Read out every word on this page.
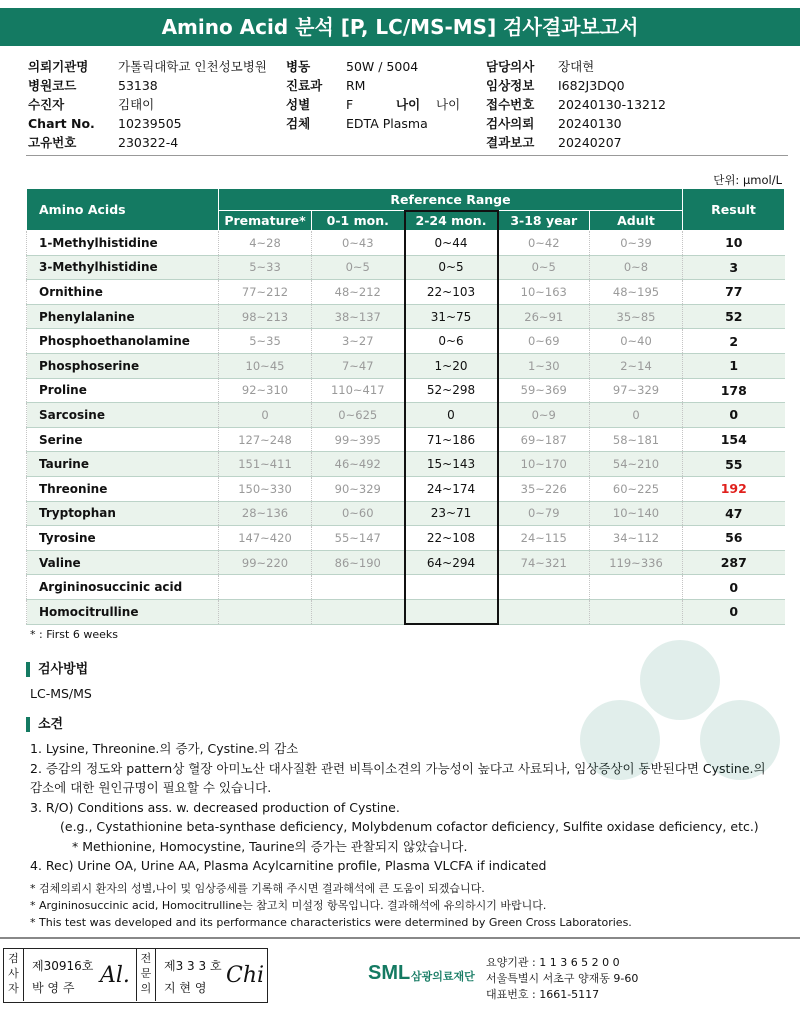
Amino Acid 분석 [P, LC/MS-MS] 검사결과보고서
의뢰기관명 가톨릭대학교 인천성모병원 병동	50W / 5004	담당의사 장대현
병원코드	53138	진료과 RM	임상정보 I682J3DQ0
수진자	김태이	성별	F	나이 나이 접수번호 20240130-13212
Chart No. 10239505	검체	EDTA Plasma	검사의뢰 20240130
고유번호	230322-4	결과보고 20240207
단위: µmol/L
Amino Acids	Reference Range					Result
	Premature*	0-1 mon.	2-24 mon.	3-18 year	Adult	
1-Methylhistidine	4~28	0~43	0~44	0~42	0~39	10
3-Methylhistidine	5~33	0~5	0~5	0~5	0~8	3
Ornithine	77~212	48~212	22~103	10~163	48~195	77
Phenylalanine	98~213	38~137	31~75	26~91	35~85	52
Phosphoethanolamine	5~35	3~27	0~6	0~69	0~40	2
Phosphoserine	10~45	7~47	1~20	1~30	2~14	1
Proline	92~310	110~417	52~298	59~369	97~329	178
Sarcosine	0	0~625	0	0~9	0	0
Serine	127~248	99~395	71~186	69~187	58~181	154
Taurine	151~411	46~492	15~143	10~170	54~210	55
Threonine	150~330	90~329	24~174	35~226	60~225	192
Tryptophan	28~136	0~60	23~71	0~79	10~140	47
Tyrosine	147~420	55~147	22~108	24~115	34~112	56
Valine	99~220	86~190	64~294	74~321	119~336	287
Argininosuccinic acid						0
Homocitrulline						0
* : First 6 weeks
검사방법
LC-MS/MS
소견

1. Lysine, Threonine.의 증가, Cystine.의 감소

2. 증감의 정도와 pattern상 혈장 아미노산 대사질환 관련 비특이소견의 가능성이 높다고 사료되나, 임상증상이 동반된다면 Cystine.의

감소에 대한 원인규명이 필요할 수 있습니다.

3. R/O) Conditions ass. w. decreased production of Cystine.

(e.g., Cystathionine beta-synthase deficiency, Molybdenum cofactor deficiency, Sulfite oxidase deficiency, etc.)

* Methionine, Homocystine, Taurine의 증가는 관찰되지 않았습니다.

4. Rec) Urine OA, Urine AA, Plasma Acylcarnitine profile, Plasma VLCFA if indicated

* 검체의뢰시 환자의 성별,나이 및 임상증세를 기록해 주시면 결과해석에 큰 도움이 되겠습니다.
* Argininosuccinic acid, Homocitrulline는 참고치 미설정 항목입니다. 결과해석에 유의하시기 바랍니다.
* This test was developed and its performance characteristics were determined by Green Cross Laboratories.
검
사
자
제30916호
박 영 주 Al.
전
문
의
제3 3 3 호
지 현 영 Chi	SML 삼광의료재단
요양기관 : 1 1 3 6 5 2 0 0
서울특별시 서초구 양재동 9-60
대표번호 : 1661-5117
